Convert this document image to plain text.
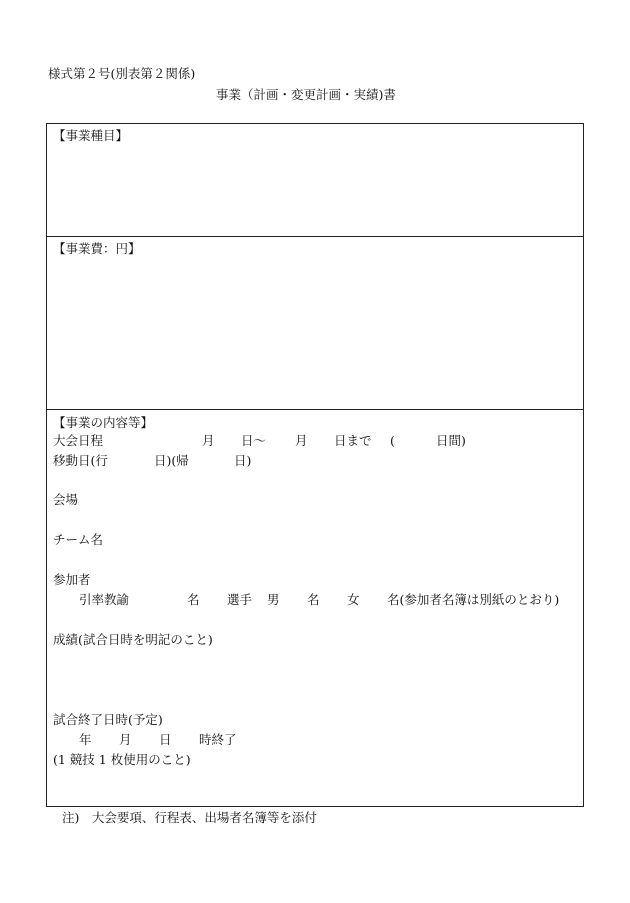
様式第２号(別表第２関係)
事業（計画・変更計画・実績)書
【事業種目】
【事業費：円】
【事業の内容等】
大会日程	月 日～ 月 日まで (	日間)
移動日(行	日)(帰	日)
会場
チーム名
参加者
引率教諭	名 選手 男 名 女 名(参加者名簿は別紙のとおり)
成績(試合日時を明記のこと)
試合終了日時(予定)
年 月 日 時終了
(1 競技 1 枚使用のこと)
注)　大会要項、行程表、出場者名簿等を添付
